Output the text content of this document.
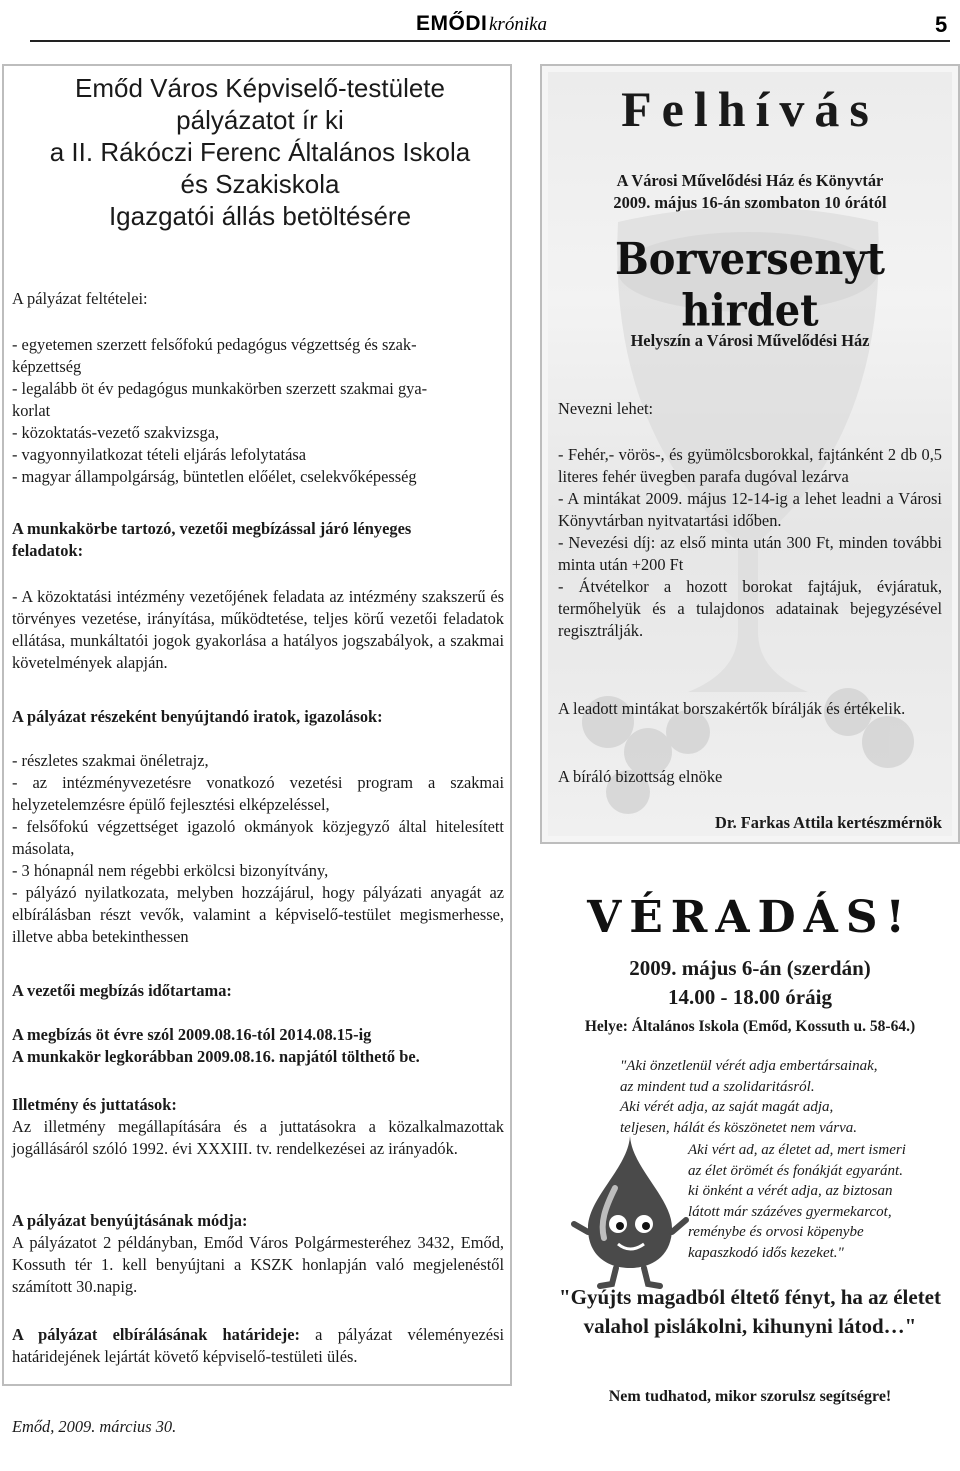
EMŐDI krónika	5
Emőd Város Képviselő-testülete
pályázatot ír ki
a II. Rákóczi Ferenc Általános Iskola
és Szakiskola
Igazgatói állás betöltésére
A pályázat feltételei:

- egyetemen szerzett felsőfokú pedagógus végzettség és szak-

képzettség

- legalább öt év pedagógus munkakörben szerzett szakmai gya-

korlat

- közoktatás-vezető szakvizsga,

- vagyonnyilatkozat tételi eljárás lefolytatása

- magyar állampolgárság, büntetlen előélet, cselekvőképesség

A munkakörbe tartozó, vezetői megbízással járó lényeges

feladatok:

- A közoktatási intézmény vezetőjének feladata az intézmény szakszerű és törvényes vezetése, irányítása, működtetése, teljes körű vezetői feladatok ellátása, munkáltatói jogok gyakorlása a hatályos jogszabályok, a szakmai követelmények alapján.
A pályázat részeként benyújtandó iratok, igazolások:

- részletes szakmai önéletrajz,

- az intézményvezetésre vonatkozó vezetési program a szakmai helyzetelemzésre épülő fejlesztési elképzeléssel,

- felsőfokú végzettséget igazoló okmányok közjegyző által hitelesített másolata,

- 3 hónapnál nem régebbi erkölcsi bizonyítvány,

- pályázó nyilatkozata, melyben hozzájárul, hogy pályázati anyagát az elbírálásban részt vevők, valamint a képviselő-testület megismerhesse, illetve abba betekinthessen

A vezetői megbízás időtartama:

A megbízás öt évre szól 2009.08.16-tól 2014.08.15-ig

A munkakör legkorábban 2009.08.16. napjától tölthető be.

Illetmény és juttatások:

Az illetmény megállapítására és a juttatásokra a közalkalmazottak jogállásáról szóló 1992. évi XXXIII. tv. rendelkezései az irányadók.

A pályázat benyújtásának módja:

A pályázatot 2 példányban, Emőd Város Polgármesteréhez 3432, Emőd, Kossuth tér 1. kell benyújtani a KSZK honlapján való megjelenéstől számított 30.napig.

A pályázat elbírálásának határideje: a pályázat véleményezési határidejének lejártát követő képviselő-testületi ülés.
Emőd, 2009. március 30.
Felhívás

A Városi Művelődési Ház és Könyvtár

2009. május 16-án szombaton 10 órától

Borversenyt hirdet
Helyszín a Városi Művelődési Ház
Nevezni lehet:

- Fehér,- vörös-, és gyümölcsborokkal, fajtánként 2 db 0,5 literes fehér üvegben parafa dugóval lezárva

- A mintákat 2009. május 12-14-ig a lehet leadni a Városi Könyvtárban nyitvatartási időben.

- Nevezési díj: az első minta után 300 Ft, minden további minta után +200 Ft

- Átvételkor a hozott borokat fajtájuk, évjáratuk, termőhelyük és a tulajdonos adatainak bejegyzésével regisztrálják.

A leadott mintákat borszakértők bírálják és értékelik.
A bíráló bizottság elnöke
Dr. Farkas Attila kertészmérnök
VÉRADÁS!
2009. május 6-án (szerdán)
14.00 - 18.00 óráig
Helye: Általános Iskola (Emőd, Kossuth u. 58-64.)
"Aki önzetlenül vérét adja embertársainak,
az mindent tud a szolidaritásról.
Aki vérét adja, az saját magát adja,
teljesen, hálát és köszönetet nem várva.
Aki vért ad, az életet ad, mert ismeri
az élet örömét és fonákját egyaránt.
ki önként a vérét adja, az biztosan
látott már százéves gyermekarcot,
reménybe és orvosi köpenybe
kapaszkodó idős kezeket."
"Gyújts magadból éltető fényt, ha az életet valahol pislákolni, kihunyni látod…"
Nem tudhatod, mikor szorulsz segítségre!
